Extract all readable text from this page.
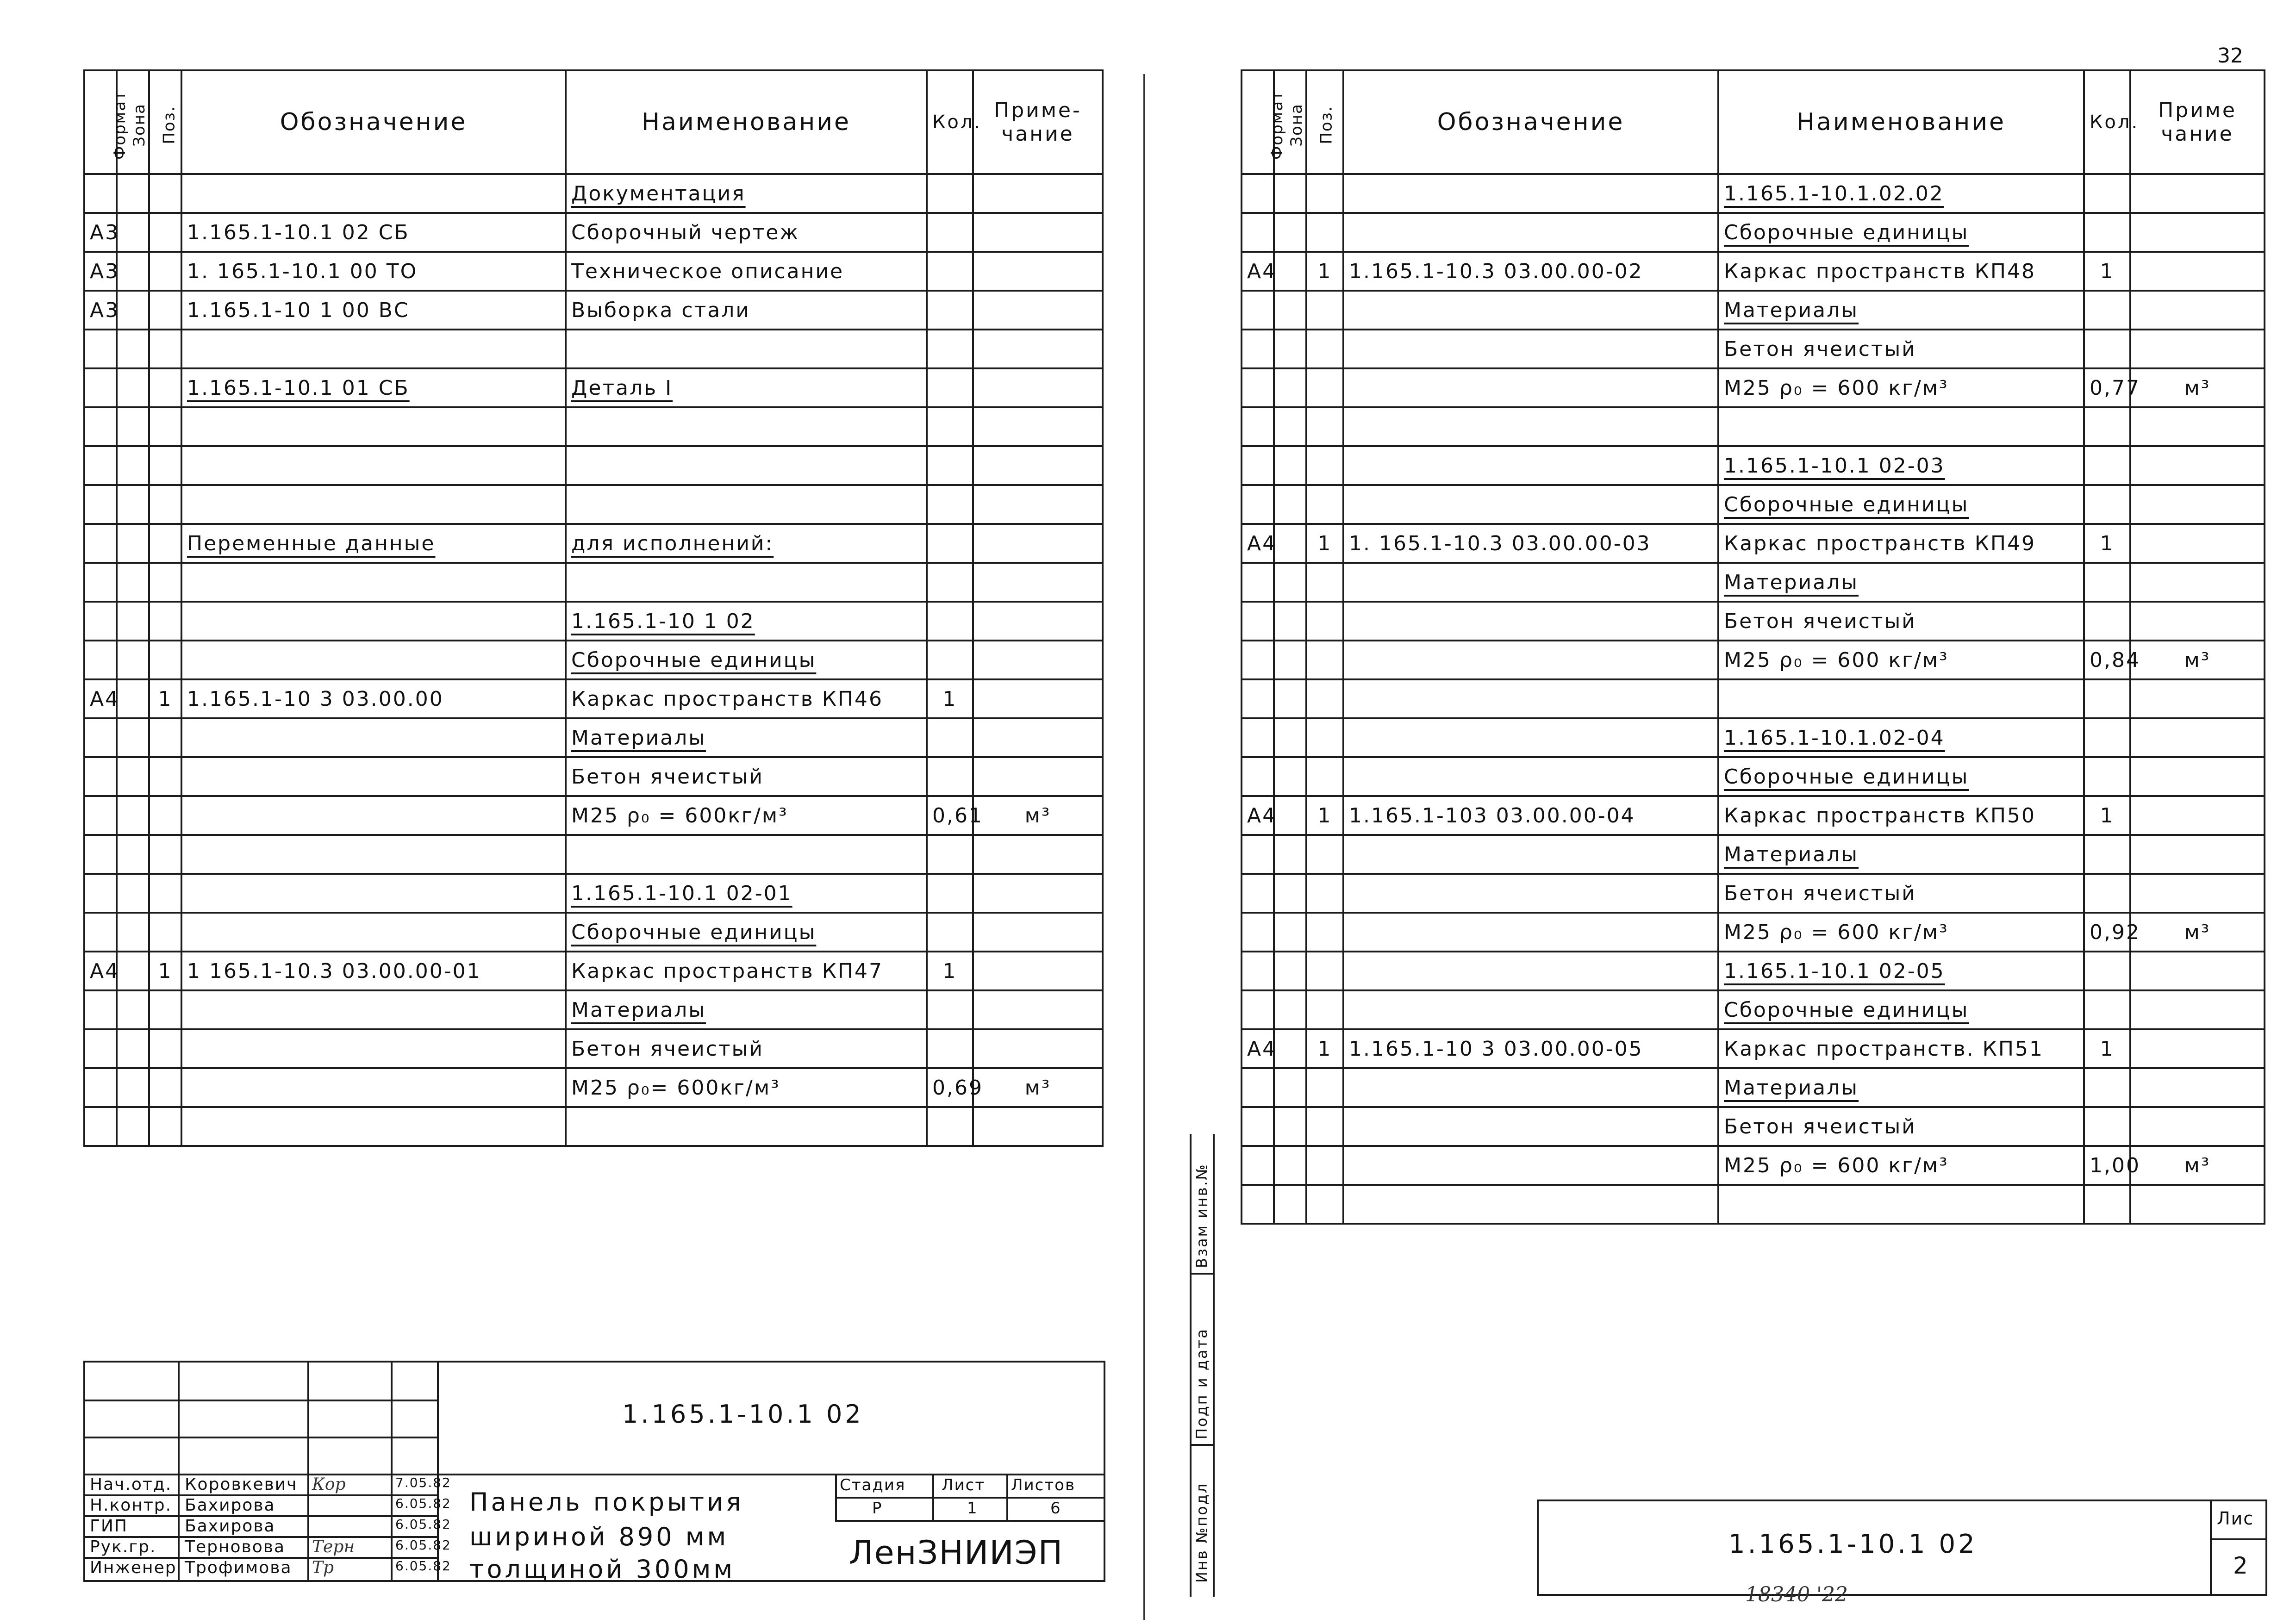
32
Формат	Зона	Поз.	Обозначение	Наименование	Кол.	Приме-чание
				Документация		
А3			1.165.1-10.1 02 СБ	Сборочный чертеж		
А3			1. 165.1-10.1 00 ТО	Техническое описание		
А3			1.165.1-10 1 00 ВС	Выборка стали		

			1.165.1-10.1 01 СБ	Деталь I		

			Переменные данные	для исполнений:		

				1.165.1-10 1 02		
				Сборочные единицы		
А4		1	1.165.1-10 3 03.00.00	Каркас пространств КП46	1	
				Материалы		
				Бетон ячеистый		
				М25 ρ₀ = 600кг/м³	0,61	м³

				1.165.1-10.1 02-01		
				Сборочные единицы		
А4		1	1 165.1-10.3 03.00.00-01	Каркас пространств КП47	1	
				Материалы		
				Бетон ячеистый		
				М25 ρ₀= 600кг/м³	0,69	м³

Нач.отд. Коровкевич Кор	7.05.82
Н.контр. Бахирова	6.05.82
ГИП	Бахирова	6.05.82
Рук.гр. Терновова Терн	6.05.82
Инженер Трофимова Тр	6.05.82
1.165.1-10.1 02
Панель покрытия
шириной 890 мм
толщиной 300мм
Стадия Лист Листов
Р	1	6
ЛенЗНИИЭП
Формат	Зона	Поз.	Обозначение	Наименование	Кол.	Приме чание
				1.165.1-10.1.02.02		
				Сборочные единицы		
А4		1	1.165.1-10.3 03.00.00-02	Каркас пространств КП48	1	
				Материалы		
				Бетон ячеистый		
				М25 ρ₀ = 600 кг/м³	0,77	м³

				1.165.1-10.1 02-03		
				Сборочные единицы		
А4		1	1. 165.1-10.3 03.00.00-03	Каркас пространств КП49	1	
				Материалы		
				Бетон ячеистый		
				М25 ρ₀ = 600 кг/м³	0,84	м³

				1.165.1-10.1.02-04		
				Сборочные единицы		
А4		1	1.165.1-103 03.00.00-04	Каркас пространств КП50	1	
				Материалы		
				Бетон ячеистый		
				М25 ρ₀ = 600 кг/м³	0,92	м³
				1.165.1-10.1 02-05		
				Сборочные единицы		
А4		1	1.165.1-10 3 03.00.00-05	Каркас пространств. КП51	1	
				Материалы		
				Бетон ячеистый		
				М25 ρ₀ = 600 кг/м³	1,00	м³

1.165.1-10.1 02
Лис
2
Взам инв.№
Подп и дата
Инв №подл
18340 '22
